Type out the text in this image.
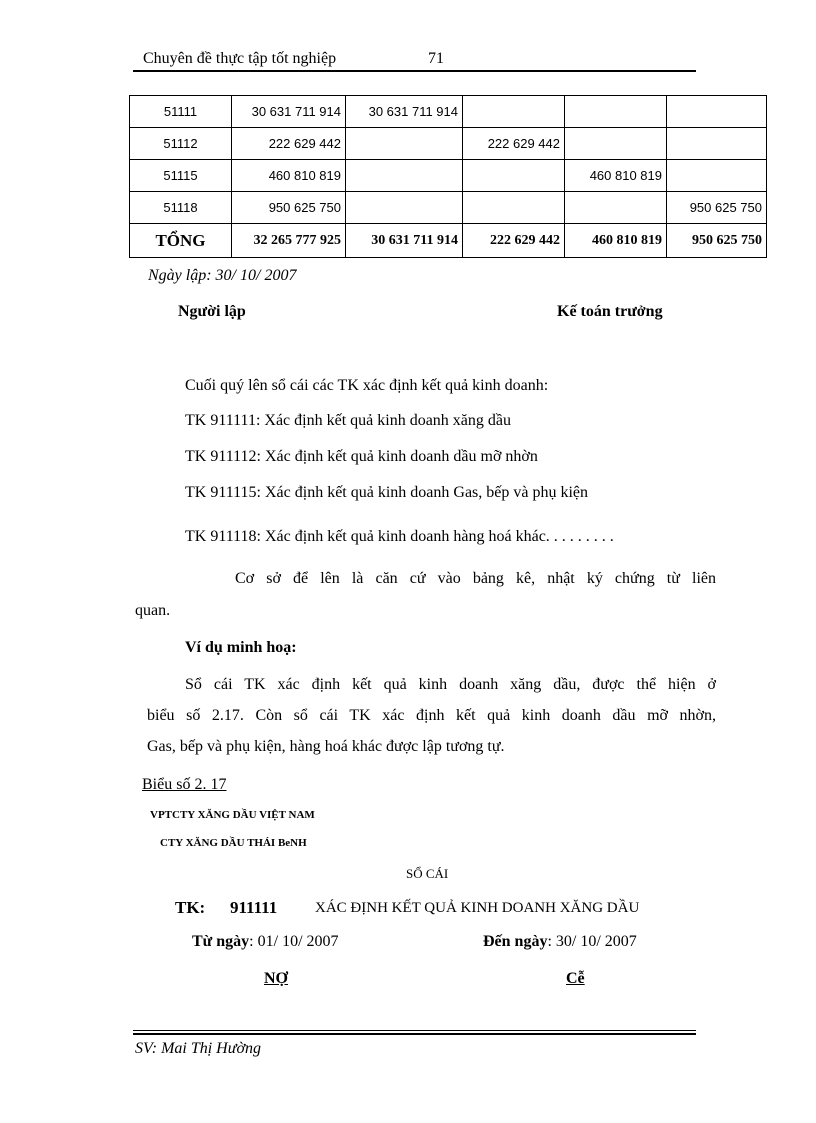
Chuyên đề thực tập tốt nghiệp	71
51111	30 631 711 914	30 631 711 914			
51112	222 629 442		222 629 442		
51115	460 810 819			460 810 819	
51118	950 625 750				950 625 750
TỔNG	32 265 777 925	30 631 711 914	222 629 442	460 810 819	950 625 750
Ngày lập: 30/ 10/ 2007
Người lập	Kế toán trưởng
Cuối quý lên sổ cái các TK xác định kết quả kinh doanh:
TK 911111: Xác định kết quả kinh doanh xăng dầu
TK 911112: Xác định kết quả kinh doanh dầu mỡ nhờn
TK 911115: Xác định kết quả kinh doanh Gas, bếp và phụ kiện
TK 911118: Xác định kết quả kinh doanh hàng hoá khác. . . . . . . . .
Cơ sở để lên là căn cứ vào bảng kê, nhật ký chứng từ liên
quan.
Ví dụ minh hoạ:
Sổ cái TK xác định kết quả kinh doanh xăng dầu, được thể hiện ở
biểu số 2.17. Còn sổ cái TK xác định kết quả kinh doanh dầu mỡ nhờn,
Gas, bếp và phụ kiện, hàng hoá khác được lập tương tự.
Biểu số 2. 17
VPTCTY XĂNG DẦU VIỆT NAM
CTY XĂNG DẦU THÁI BeNH
SỔ CÁI
TK: 911111	XÁC ĐỊNH KẾT QUẢ KINH DOANH XĂNG DẦU
Từ ngày: 01/ 10/ 2007	Đến ngày: 30/ 10/ 2007
NỢ	Cễ
SV: Mai Thị Hường
